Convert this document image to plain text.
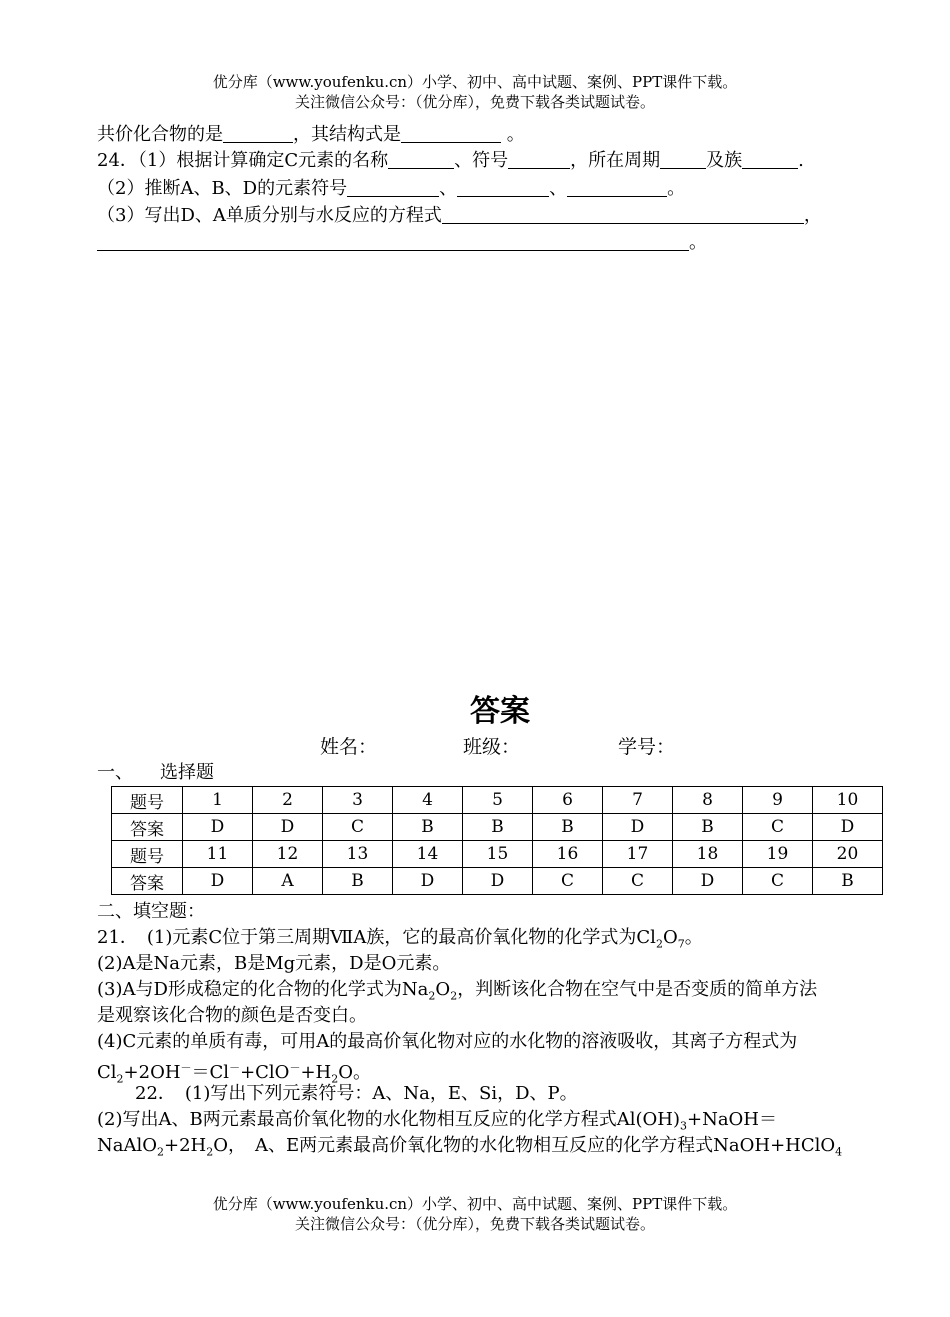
优分库（www.youfenku.cn）小学、初中、高中试题、案例、PPT课件下载。
关注微信公众号：（优分库），免费下载各类试题试卷。
共价化合物的是	，其结构式是	。
24．（1）根据计算确定C元素的名称	、符号	，所在周期	及族	.
（2）推断A、B、D的元素符号	、	、	。
（3）写出D、A单质分别与水反应的方程式	，
。
答案
姓名：	班级：	学号：
一、　　选择题
题号	1	2	3	4	5	6	7	8	9	10
答案	D	D	C	B	B	B	D	B	C	D
题号	11	12	13	14	15	16	17	18	19	20
答案	D	A	B	D	D	C	C	D	C	B
二、填空题：
21．　(1)元素C位于第三周期ⅦA族，它的最高价氧化物的化学式为$Cl_2O_7$。
(2)A是Na元素，B是Mg元素，D是O元素。
(3)A与D形成稳定的化合物的化学式为$Na_2O_2$，判断该化合物在空气中是否变质的简单方法
是观察该化合物的颜色是否变白。
(4)C元素的单质有毒，可用A的最高价氧化物对应的水化物的溶液吸收，其离子方程式为
$Cl_2+2OH^-=Cl^-+ClO^-+H_2O$。
22．　(1)写出下列元素符号：A、Na，E、Si，D、P。
(2)写出A、B两元素最高价氧化物的水化物相互反应的化学方程式$Al(OH)_3+NaOH=$
$NaAlO_2+2H_2O$，　A、E两元素最高价氧化物的水化物相互反应的化学方程式NaOH+HClO$_4$
优分库（www.youfenku.cn）小学、初中、高中试题、案例、PPT课件下载。
关注微信公众号：（优分库），免费下载各类试题试卷。
